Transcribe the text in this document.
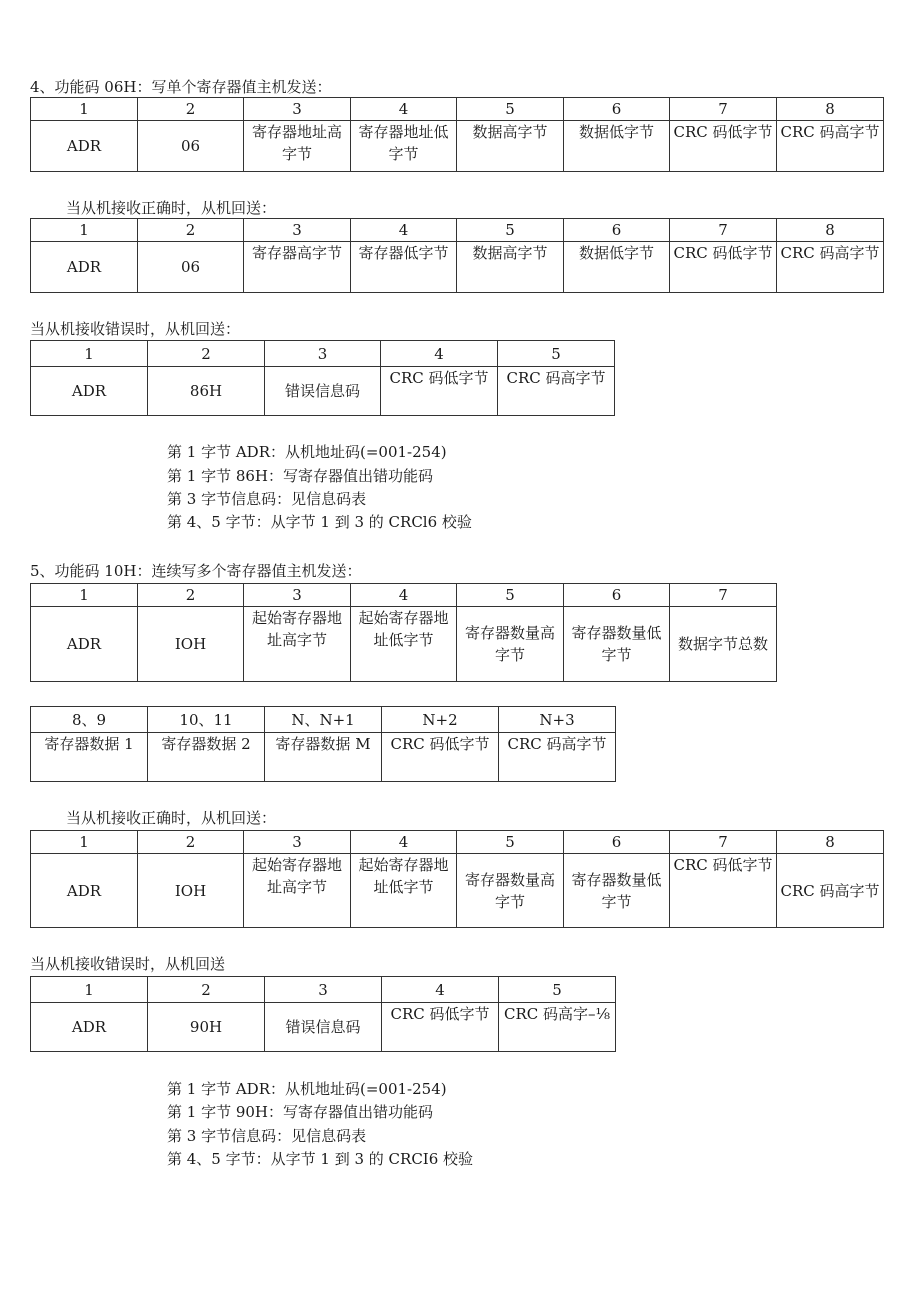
4、功能码 06H：写单个寄存器值主机发送：
1	2	3	4	5	6	7	8
ADR	06	寄存器地址高字节	寄存器地址低字节	数据高字节	数据低字节	CRC 码低字节	CRC 码高字节
当从机接收正确时，从机回送：
1	2	3	4	5	6	7	8
ADR	06	寄存器高字节	寄存器低字节	数据高字节	数据低字节	CRC 码低字节	CRC 码高字节
当从机接收错误时，从机回送：
1	2	3	4	5
ADR	86H	错误信息码	CRC 码低字节	CRC 码高字节
第 1 字节 ADR：从机地址码(=001-254)
第 1 字节 86H：写寄存器值出错功能码
第 3 字节信息码：见信息码表
第 4、5 字节：从字节 1 到 3 的 CRCl6 校验
5、功能码 10H：连续写多个寄存器值主机发送：
1	2	3	4	5	6	7
ADR	IOH	起始寄存器地址高字节	起始寄存器地址低字节	寄存器数量高字节	寄存器数量低字节	数据字节总数
8、9	10、11	N、N+1	N+2	N+3
寄存器数据 1	寄存器数据 2	寄存器数据 M	CRC 码低字节	CRC 码高字节
当从机接收正确时，从机回送：
1	2	3	4	5	6	7	8
ADR	IOH	起始寄存器地址高字节	起始寄存器地址低字节	寄存器数量高字节	寄存器数量低字节	CRC 码低字节	CRC 码高字节
当从机接收错误时，从机回送
1	2	3	4	5
ADR	90H	错误信息码	CRC 码低字节	CRC 码高字–⅛
第 1 字节 ADR：从机地址码(=001-254)
第 1 字节 90H：写寄存器值出错功能码
第 3 字节信息码：见信息码表
第 4、5 字节：从字节 1 到 3 的 CRCI6 校验
